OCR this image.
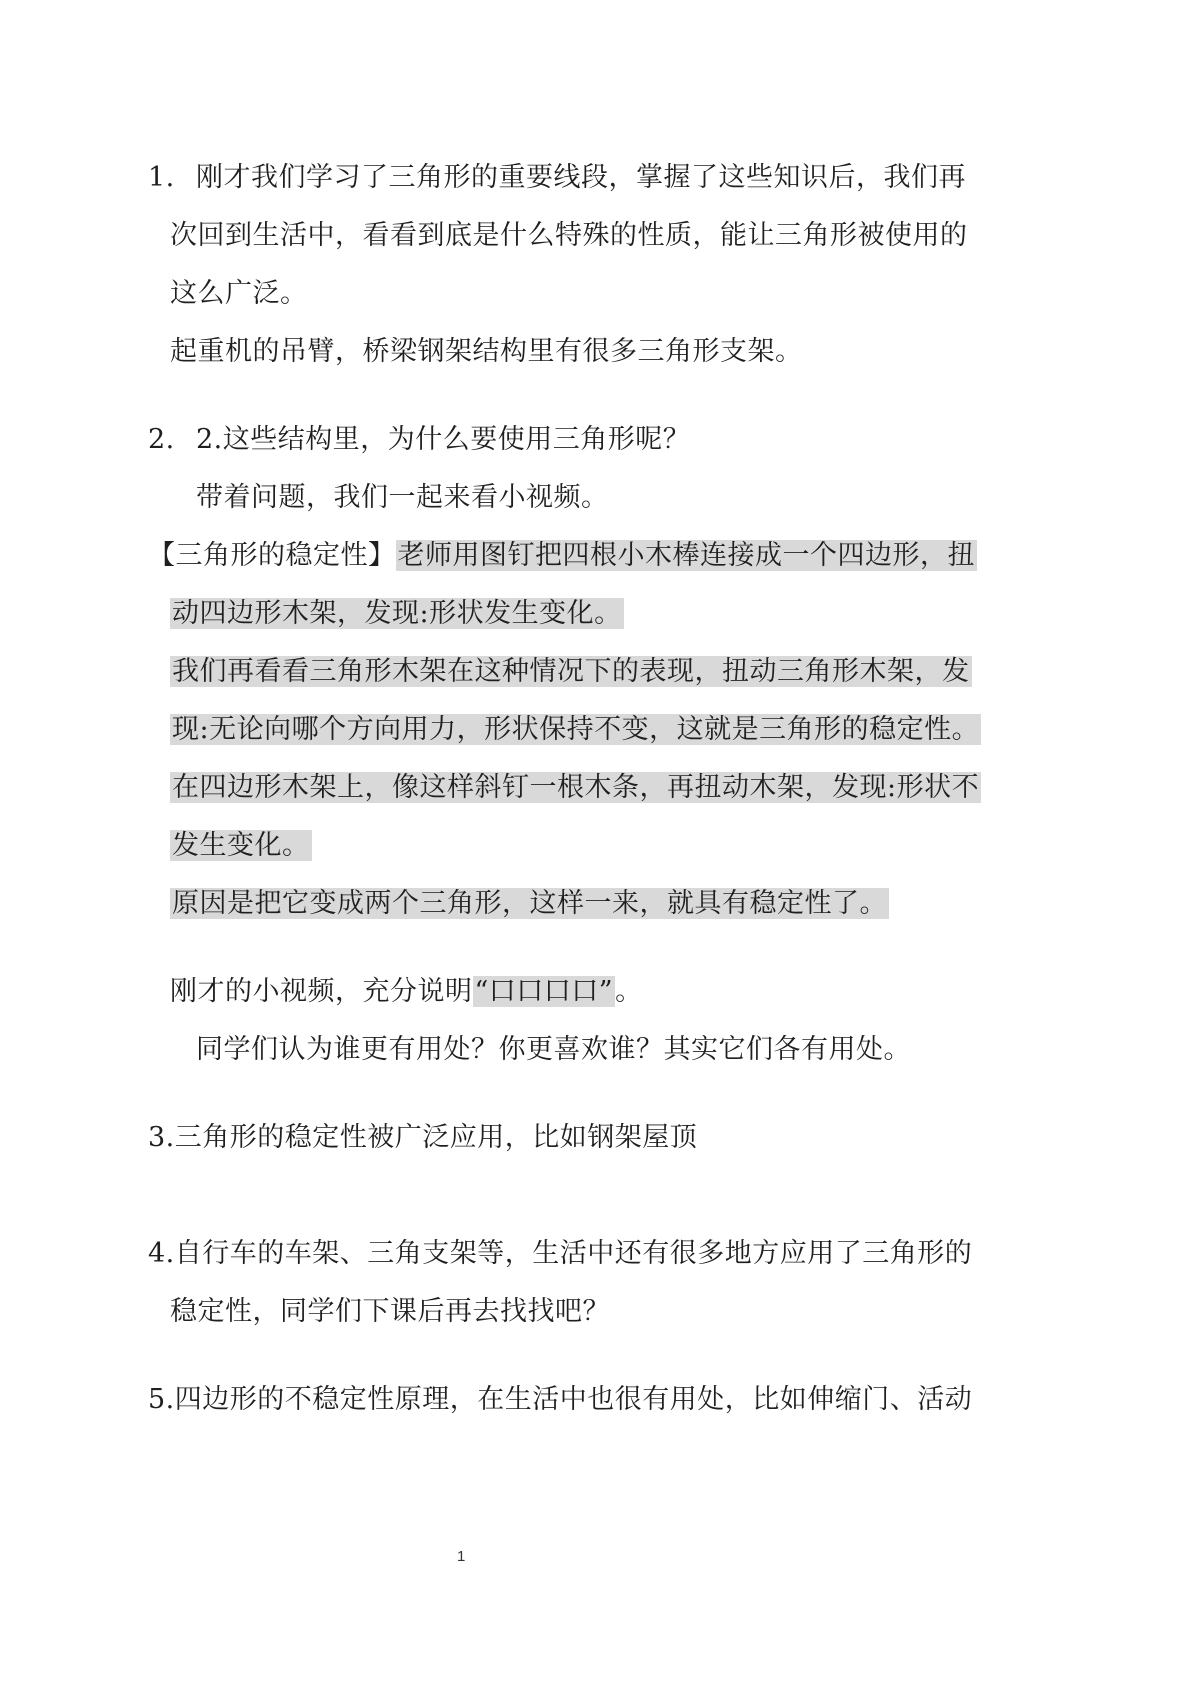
1. 刚才我们学习了三角形的重要线段，掌握了这些知识后，我们再
次回到生活中，看看到底是什么特殊的性质，能让三角形被使用的
这么广泛。
起重机的吊臂，桥梁钢架结构里有很多三角形支架。
2. 2.这些结构里，为什么要使用三角形呢？
带着问题，我们一起来看小视频。
【三角形的稳定性】老师用图钉把四根小木棒连接成一个四边形，扭
动四边形木架，发现:形状发生变化。
我们再看看三角形木架在这种情况下的表现，扭动三角形木架，发
现:无论向哪个方向用力，形状保持不变，这就是三角形的稳定性。
在四边形木架上，像这样斜钉一根木条，再扭动木架，发现:形状不
发生变化。
原因是把它变成两个三角形，这样一来，就具有稳定性了。
刚才的小视频，充分说明“口口口口”。
同学们认为谁更有用处？你更喜欢谁？其实它们各有用处。
3.三角形的稳定性被广泛应用，比如钢架屋顶
4.自行车的车架、三角支架等，生活中还有很多地方应用了三角形的
稳定性，同学们下课后再去找找吧？
5.四边形的不稳定性原理，在生活中也很有用处，比如伸缩门、活动
1
